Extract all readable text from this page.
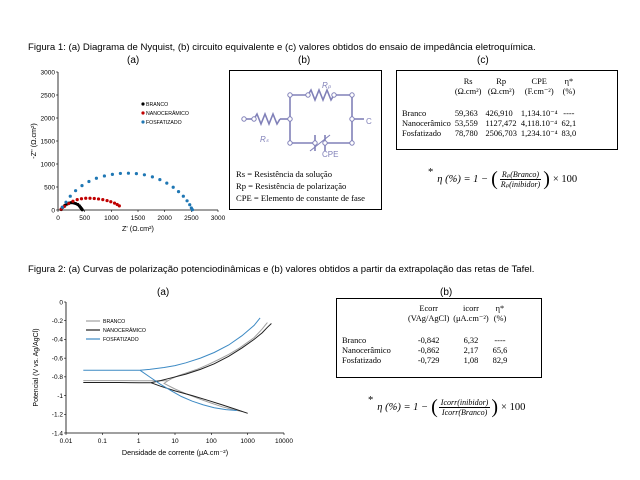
Figura 1: (a) Diagrama de Nyquist, (b) circuito equivalente e (c) valores obtidos do ensaio de impedância eletroquímica.
(a)	(b)	(c)
0	500 1000 1500 2000 2500 3000
0
500
1000
1500
2000
2500
3000
Z' (Ω.cm²)
-Z'' (Ω.cm²)
BRANCO
NANOCERÂMICO
FOSFATIZADO
Rₚ
Rₛ
CPE
C
Rs = Resistência da solução
Rp = Resistência de polarização
CPE = Elemento de constante de fase
	Rs	Rp	CPE	η*
	(Ω.cm²)	(Ω.cm²)	(F.cm⁻²)	(%)

Branco	59,363	426,910	1,134.10⁻⁴	----
Nanocerâmico	53,559	1127,472	4,118.10⁻⁴	62,1
Fosfatizado	78,780	2506,703	1,234.10⁻⁴	83,0
*
η (%) = 1 − ( Rₚ(Branco)
Rₚ(inibidor) ) × 100
Figura 2: (a) Curvas de polarização potenciodinâmicas e (b) valores obtidos a partir da extrapolação das retas de Tafel.
(a)	(b)
0.01	0.1	1	10	100	1000	10000
0
-0.2
-0.4
-0.6
-0.8
-1
-1.2
-1.4
Densidade de corrente (μA.cm⁻²)
Potencial (V vs. Ag/AgCl)
BRANCO
NANOCERÂMICO
FOSFATIZADO
	Ecorr	icorr	η*
	(VAg/AgCl)	(μA.cm⁻²)	(%)

Branco	-0,842	6,32	----
Nanocerâmico	-0,862	2,17	65,6
Fosfatizado	-0,729	1,08	82,9
*
η (%) = 1 − ( Icorr(inibidor)
Icorr(Branco) ) × 100
